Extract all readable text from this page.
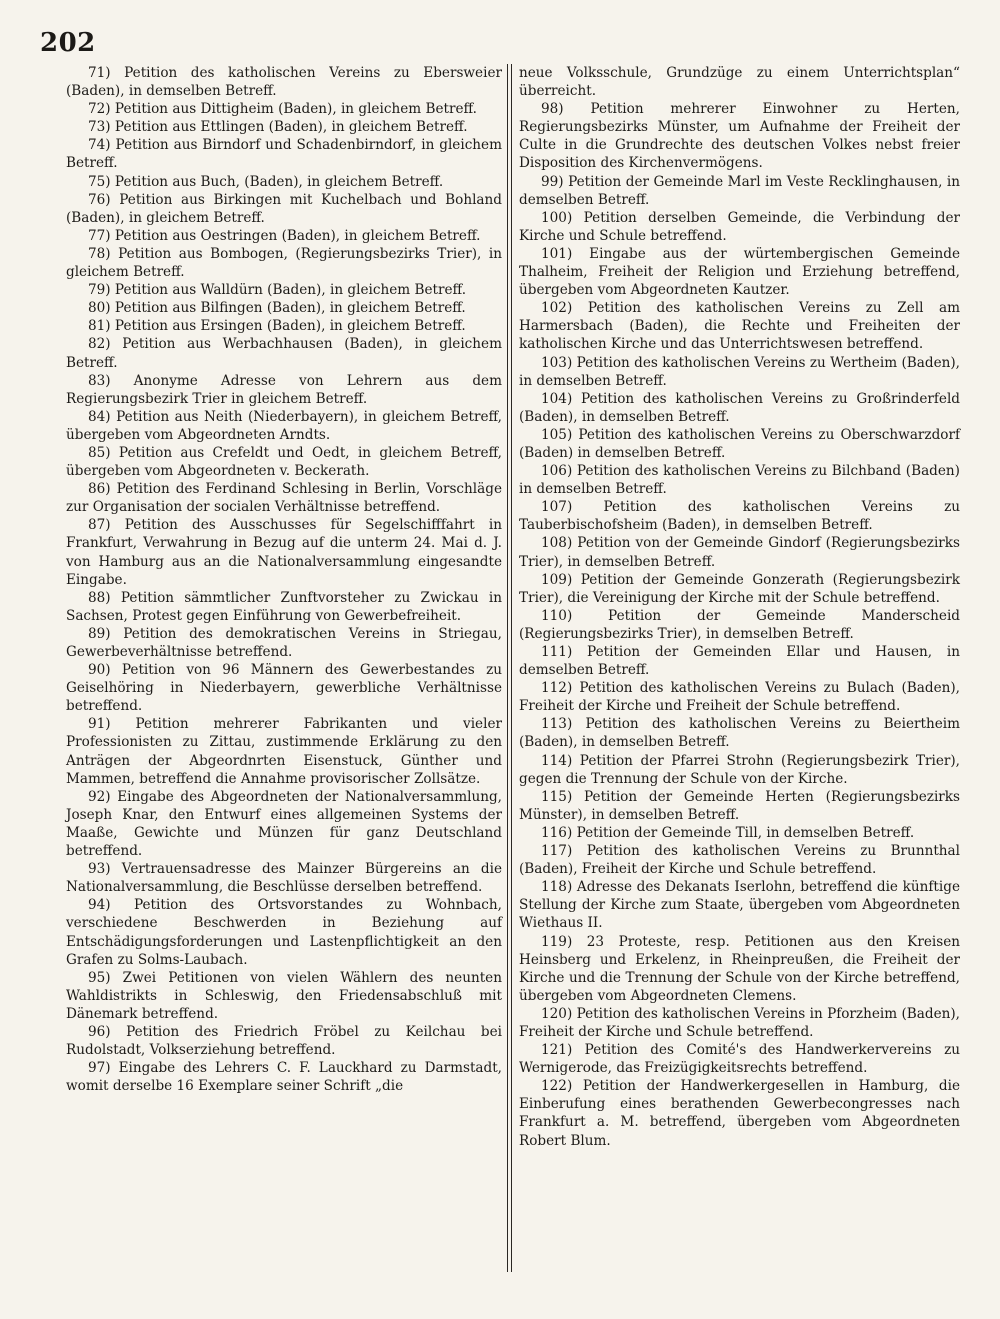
202

71) Petition des katholischen Vereins zu Ebersweier (Baden), in demselben Betreff.

72) Petition aus Dittigheim (Baden), in gleichem Betreff.

73) Petition aus Ettlingen (Baden), in gleichem Betreff.

74) Petition aus Birndorf und Schadenbirndorf, in gleichem Betreff.

75) Petition aus Buch, (Baden), in gleichem Betreff.

76) Petition aus Birkingen mit Kuchelbach und Bohland (Baden), in gleichem Betreff.

77) Petition aus Oestringen (Baden), in gleichem Betreff.

78) Petition aus Bombogen, (Regierungsbezirks Trier), in gleichem Betreff.

79) Petition aus Walldürn (Baden), in gleichem Betreff.

80) Petition aus Bilfingen (Baden), in gleichem Betreff.

81) Petition aus Ersingen (Baden), in gleichem Betreff.

82) Petition aus Werbachhausen (Baden), in gleichem Betreff.

83) Anonyme Adresse von Lehrern aus dem Regierungsbezirk Trier in gleichem Betreff.

84) Petition aus Neith (Niederbayern), in gleichem Betreff, übergeben vom Abgeordneten Arndts.

85) Petition aus Crefeldt und Oedt, in gleichem Betreff, übergeben vom Abgeordneten v. Beckerath.

86) Petition des Ferdinand Schlesing in Berlin, Vorschläge zur Organisation der socialen Verhältnisse betreffend.

87) Petition des Ausschusses für Segelschifffahrt in Frankfurt, Verwahrung in Bezug auf die unterm 24. Mai d. J. von Hamburg aus an die Nationalversammlung eingesandte Eingabe.

88) Petition sämmtlicher Zunftvorsteher zu Zwickau in Sachsen, Protest gegen Einführung von Gewerbefreiheit.

89) Petition des demokratischen Vereins in Striegau, Gewerbeverhältnisse betreffend.

90) Petition von 96 Männern des Gewerbestandes zu Geiselhöring in Niederbayern, gewerbliche Verhältnisse betreffend.

91) Petition mehrerer Fabrikanten und vieler Professionisten zu Zittau, zustimmende Erklärung zu den Anträgen der Abgeordnrten Eisenstuck, Günther und Mammen, betreffend die Annahme provisorischer Zollsätze.

92) Eingabe des Abgeordneten der Nationalversammlung, Joseph Knar, den Entwurf eines allgemeinen Systems der Maaße, Gewichte und Münzen für ganz Deutschland betreffend.

93) Vertrauensadresse des Mainzer Bürgereins an die Nationalversammlung, die Beschlüsse derselben betreffend.

94) Petition des Ortsvorstandes zu Wohnbach, verschiedene Beschwerden in Beziehung auf Entschädigungsforderungen und Lastenpflichtigkeit an den Grafen zu Solms-Laubach.

95) Zwei Petitionen von vielen Wählern des neunten Wahldistrikts in Schleswig, den Friedensabschluß mit Dänemark betreffend.

96) Petition des Friedrich Fröbel zu Keilchau bei Rudolstadt, Volkserziehung betreffend.

97) Eingabe des Lehrers C. F. Lauckhard zu Darmstadt, womit derselbe 16 Exemplare seiner Schrift „die

neue Volksschule, Grundzüge zu einem Unterrichtsplan“ überreicht.

98) Petition mehrerer Einwohner zu Herten, Regierungsbezirks Münster, um Aufnahme der Freiheit der Culte in die Grundrechte des deutschen Volkes nebst freier Disposition des Kirchenvermögens.

99) Petition der Gemeinde Marl im Veste Recklinghausen, in demselben Betreff.

100) Petition derselben Gemeinde, die Verbindung der Kirche und Schule betreffend.

101) Eingabe aus der würtembergischen Gemeinde Thalheim, Freiheit der Religion und Erziehung betreffend, übergeben vom Abgeordneten Kautzer.

102) Petition des katholischen Vereins zu Zell am Harmersbach (Baden), die Rechte und Freiheiten der katholischen Kirche und das Unterrichtswesen betreffend.

103) Petition des katholischen Vereins zu Wertheim (Baden), in demselben Betreff.

104) Petition des katholischen Vereins zu Großrinderfeld (Baden), in demselben Betreff.

105) Petition des katholischen Vereins zu Oberschwarzdorf (Baden) in demselben Betreff.

106) Petition des katholischen Vereins zu Bilchband (Baden) in demselben Betreff.

107) Petition des katholischen Vereins zu Tauberbischofsheim (Baden), in demselben Betreff.

108) Petition von der Gemeinde Gindorf (Regierungsbezirks Trier), in demselben Betreff.

109) Petition der Gemeinde Gonzerath (Regierungsbezirk Trier), die Vereinigung der Kirche mit der Schule betreffend.

110) Petition der Gemeinde Manderscheid (Regierungsbezirks Trier), in demselben Betreff.

111) Petition der Gemeinden Ellar und Hausen, in demselben Betreff.

112) Petition des katholischen Vereins zu Bulach (Baden), Freiheit der Kirche und Freiheit der Schule betreffend.

113) Petition des katholischen Vereins zu Beiertheim (Baden), in demselben Betreff.

114) Petition der Pfarrei Strohn (Regierungsbezirk Trier), gegen die Trennung der Schule von der Kirche.

115) Petition der Gemeinde Herten (Regierungsbezirks Münster), in demselben Betreff.

116) Petition der Gemeinde Till, in demselben Betreff.

117) Petition des katholischen Vereins zu Brunnthal (Baden), Freiheit der Kirche und Schule betreffend.

118) Adresse des Dekanats Iserlohn, betreffend die künftige Stellung der Kirche zum Staate, übergeben vom Abgeordneten Wiethaus II.

119) 23 Proteste, resp. Petitionen aus den Kreisen Heinsberg und Erkelenz, in Rheinpreußen, die Freiheit der Kirche und die Trennung der Schule von der Kirche betreffend, übergeben vom Abgeordneten Clemens.

120) Petition des katholischen Vereins in Pforzheim (Baden), Freiheit der Kirche und Schule betreffend.

121) Petition des Comité's des Handwerkervereins zu Wernigerode, das Freizügigkeitsrechts betreffend.

122) Petition der Handwerkergesellen in Hamburg, die Einberufung eines berathenden Gewerbecongresses nach Frankfurt a. M. betreffend, übergeben vom Abgeordneten Robert Blum.
